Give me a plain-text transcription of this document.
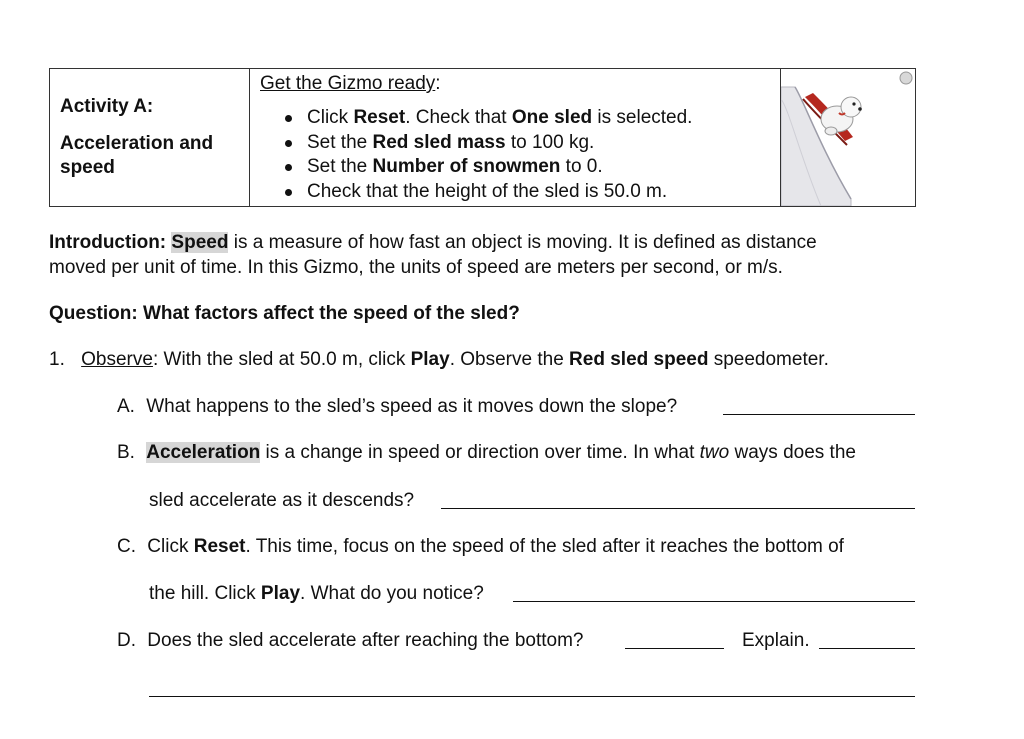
Activity A:
Acceleration and speed
Get the Gizmo ready:
Click Reset. Check that One sled is selected.
Set the Red sled mass to 100 kg.
Set the Number of snowmen to 0.
Check that the height of the sled is 50.0 m.
Introduction: Speed is a measure of how fast an object is moving. It is defined as distance
moved per unit of time. In this Gizmo, the units of speed are meters per second, or m/s.
Question: What factors affect the speed of the sled?
1. Observe: With the sled at 50.0 m, click Play. Observe the Red sled speed speedometer.
A. What happens to the sled’s speed as it moves down the slope?
B. Acceleration is a change in speed or direction over time. In what two ways does the
sled accelerate as it descends?
C. Click Reset. This time, focus on the speed of the sled after it reaches the bottom of
the hill. Click Play. What do you notice?
D. Does the sled accelerate after reaching the bottom?	Explain.
